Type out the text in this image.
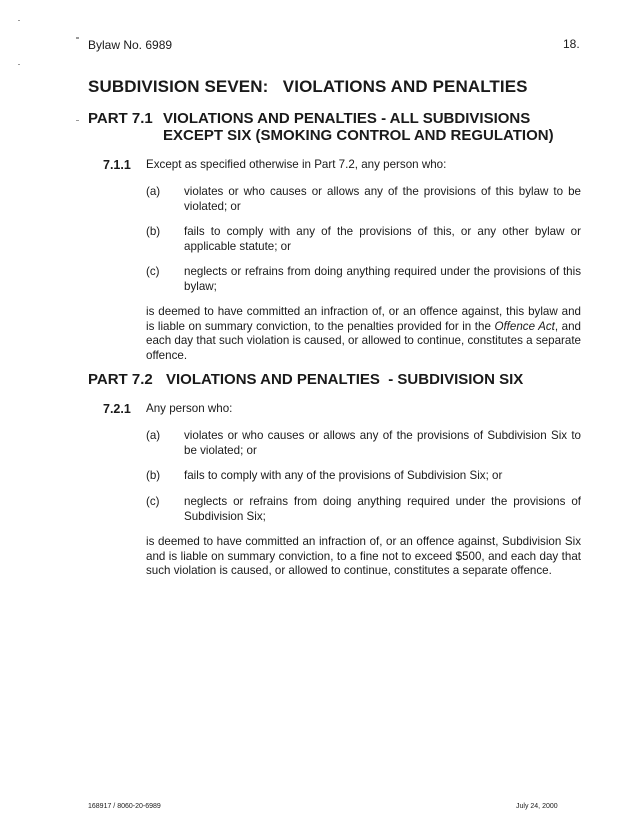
Bylaw No. 6989	18.
SUBDIVISION SEVEN:   VIOLATIONS AND PENALTIES
PART 7.1 VIOLATIONS AND PENALTIES - ALL SUBDIVISIONS
EXCEPT SIX (SMOKING CONTROL AND REGULATION)
7.1.1 Except as specified otherwise in Part 7.2, any person who:
(a) violates or who causes or allows any of the provisions of this bylaw to be
violated; or
(b) fails to comply with any of the provisions of this, or any other bylaw or
applicable statute; or
(c) neglects or refrains from doing anything required under the provisions of this
bylaw;
is deemed to have committed an infraction of, or an offence against, this bylaw and
is liable on summary conviction, to the penalties provided for in the Offence Act, and
each day that such violation is caused, or allowed to continue, constitutes a separate
offence.
PART 7.2 VIOLATIONS AND PENALTIES  - SUBDIVISION SIX
7.2.1 Any person who:
(a) violates or who causes or allows any of the provisions of Subdivision Six to
be violated; or
(b) fails to comply with any of the provisions of Subdivision Six; or
(c) neglects or refrains from doing anything required under the provisions of
Subdivision Six;
is deemed to have committed an infraction of, or an offence against, Subdivision Six
and is liable on summary conviction, to a fine not to exceed $500, and each day that
such violation is caused, or allowed to continue, constitutes a separate offence.
168917 / 8060-20-6989	July 24, 2000
